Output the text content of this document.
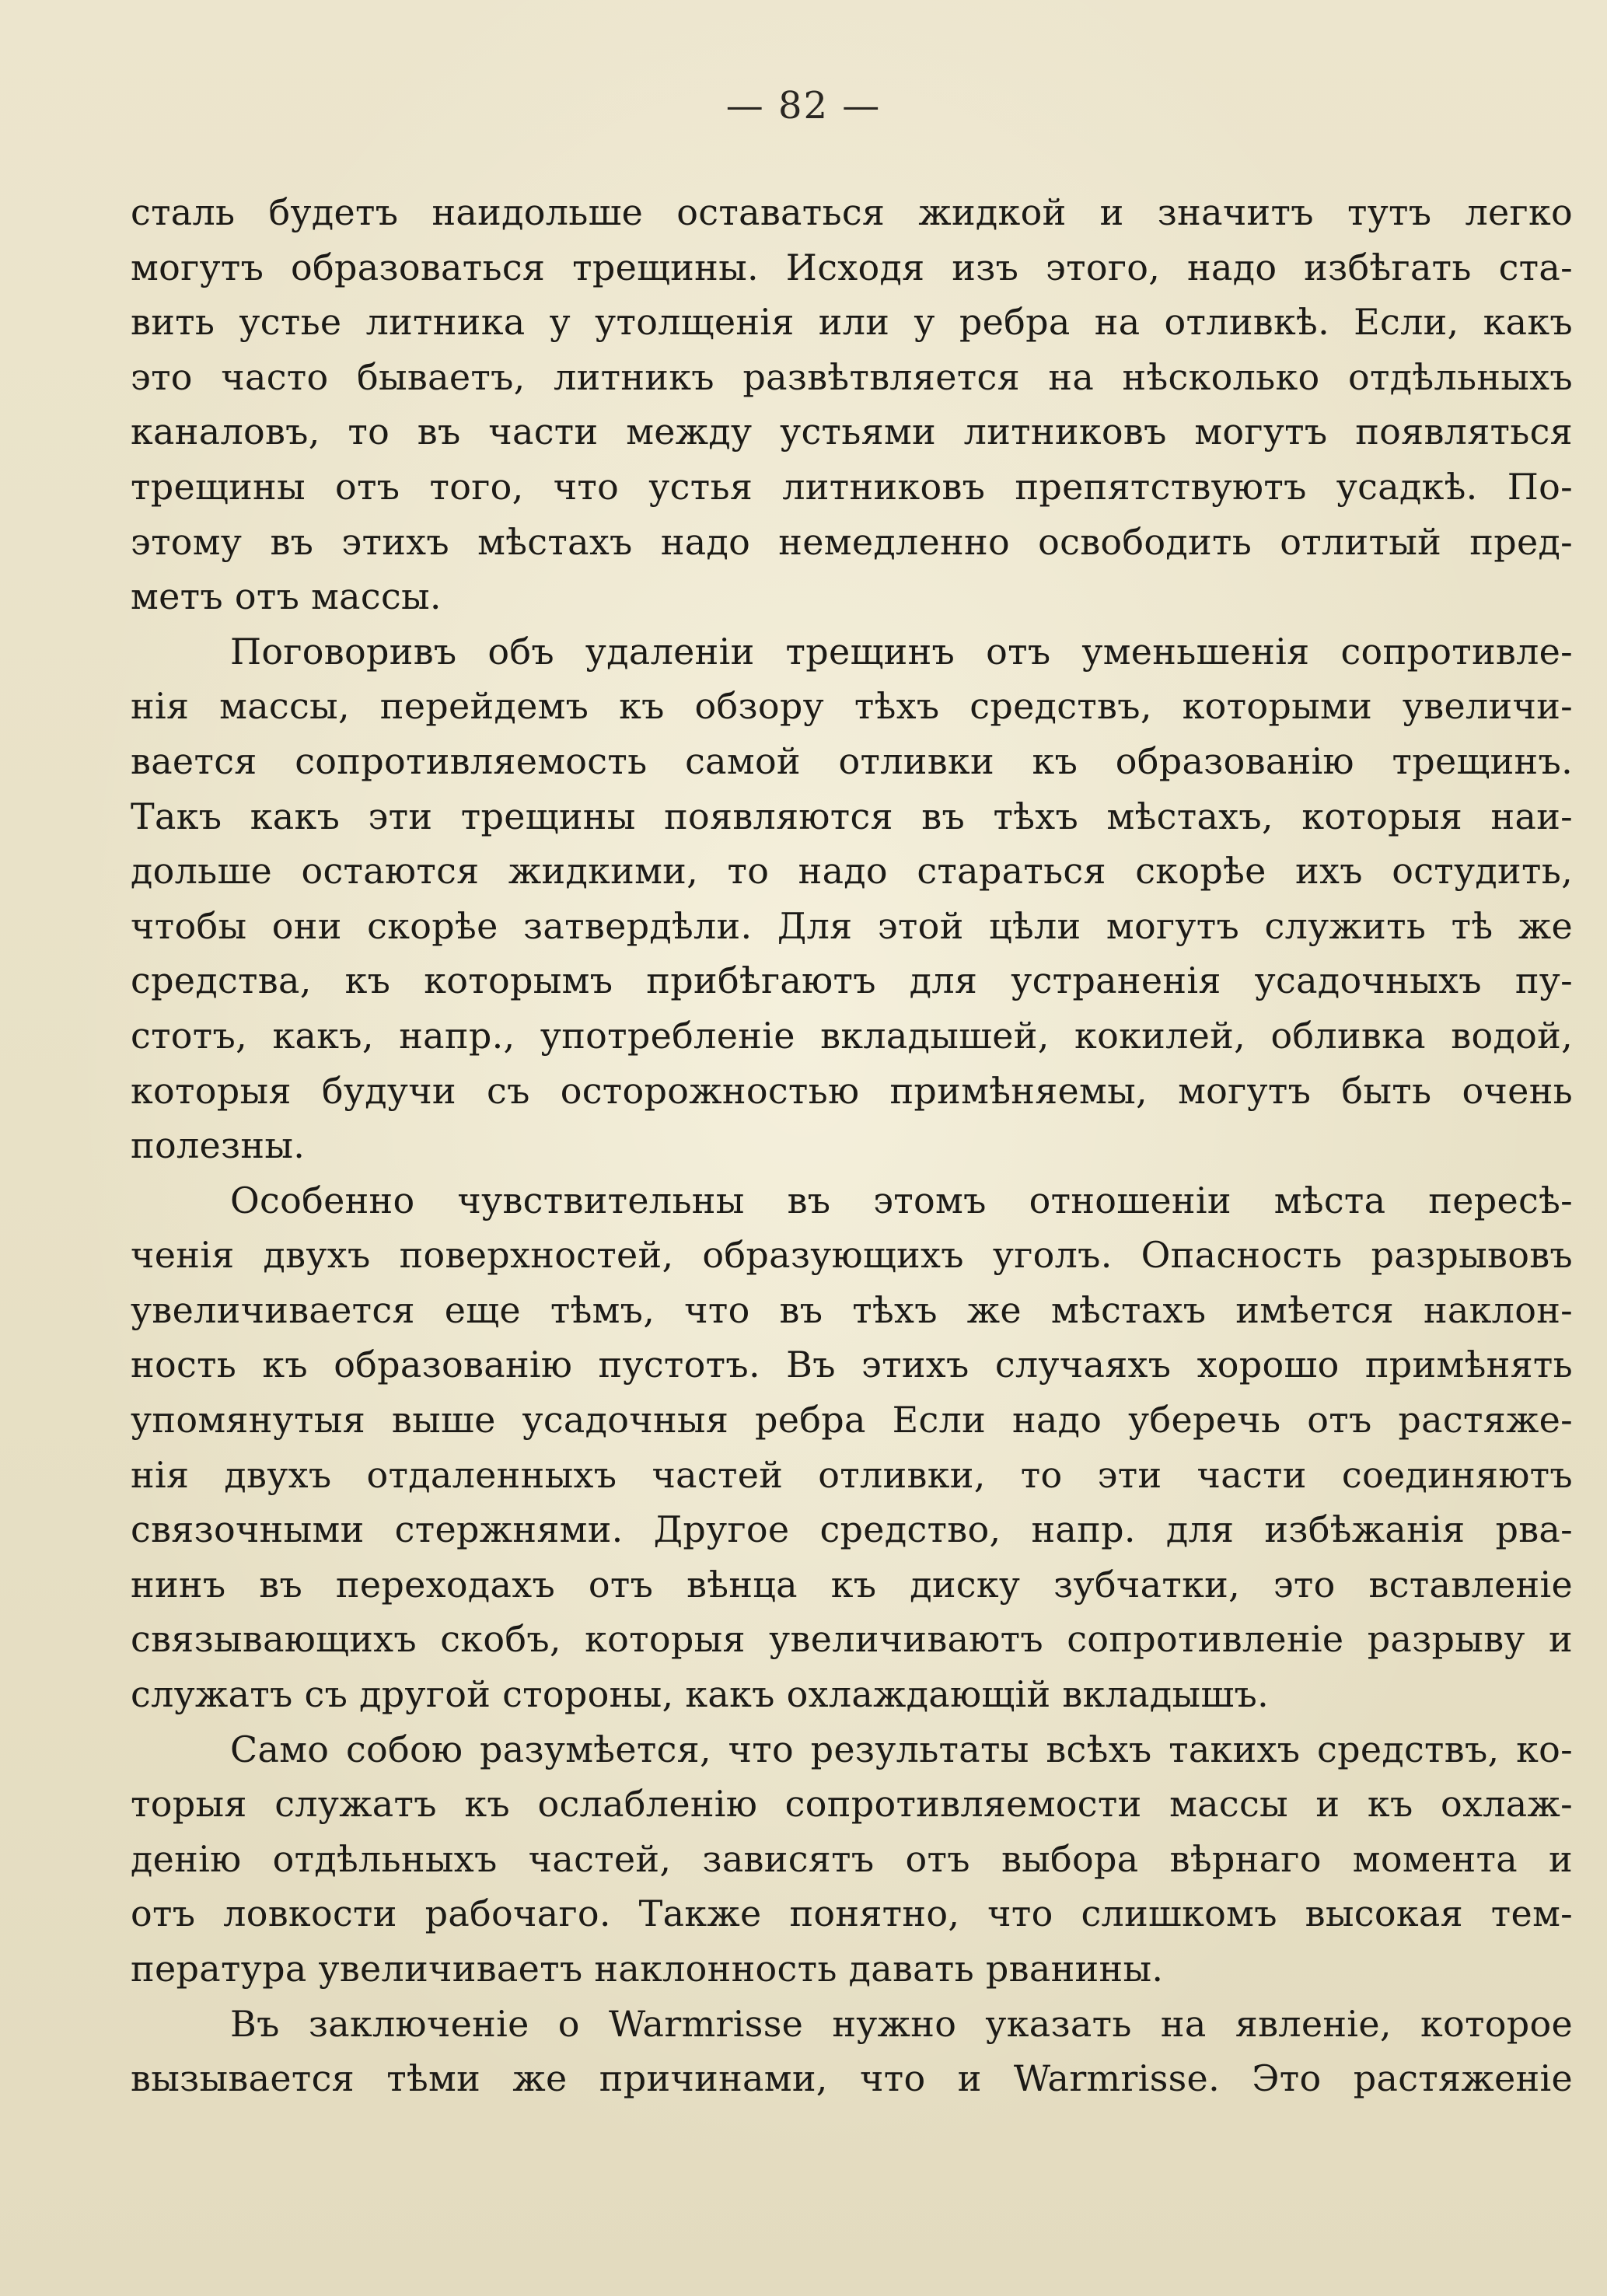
— 82 —
сталь будетъ наидольше оставаться жидкой и значитъ тутъ легко
могутъ образоваться трещины. Исходя изъ этого, надо избѣгать ста-
вить устье литника у утолщенія или у ребра на отливкѣ. Если, какъ
это часто бываетъ, литникъ развѣтвляется на нѣсколько отдѣльныхъ
каналовъ, то въ части между устьями литниковъ могутъ появляться
трещины отъ того, что устья литниковъ препятствуютъ усадкѣ. По-
этому въ этихъ мѣстахъ надо немедленно освободить отлитый пред-
метъ отъ массы.
Поговоривъ объ удаленіи трещинъ отъ уменьшенія сопротивле-
нія массы, перейдемъ къ обзору тѣхъ средствъ, которыми увеличи-
вается сопротивляемость самой отливки къ образованію трещинъ.
Такъ какъ эти трещины появляются въ тѣхъ мѣстахъ, которыя наи-
дольше остаются жидкими, то надо стараться скорѣе ихъ остудить,
чтобы они скорѣе затвердѣли. Для этой цѣли могутъ служить тѣ же
средства, къ которымъ прибѣгаютъ для устраненія усадочныхъ пу-
стотъ, какъ, напр., употребленіе вкладышей, кокилей, обливка водой,
которыя будучи съ осторожностью примѣняемы, могутъ быть очень
полезны.
Особенно чувствительны въ этомъ отношеніи мѣста пересѣ-
ченія двухъ поверхностей, образующихъ уголъ. Опасность разрывовъ
увеличивается еще тѣмъ, что въ тѣхъ же мѣстахъ имѣется наклон-
ность къ образованію пустотъ. Въ этихъ случаяхъ хорошо примѣнять
упомянутыя выше усадочныя ребра Если надо уберечь отъ растяже-
нія двухъ отдаленныхъ частей отливки, то эти части соединяютъ
связочными стержнями. Другое средство, напр. для избѣжанія рва-
нинъ въ переходахъ отъ вѣнца къ диску зубчатки, это вставленіе
связывающихъ скобъ, которыя увеличиваютъ сопротивленіе разрыву и
служатъ съ другой стороны, какъ охлаждающій вкладышъ.
Само собою разумѣется, что результаты всѣхъ такихъ средствъ, ко-
торыя служатъ къ ослабленію сопротивляемости массы и къ охлаж-
денію отдѣльныхъ частей, зависятъ отъ выбора вѣрнаго момента и
отъ ловкости рабочаго. Также понятно, что слишкомъ высокая тем-
пература увеличиваетъ наклонность давать рванины.
Въ заключеніе о Warmrisse нужно указать на явленіе, которое
вызывается тѣми же причинами, что и Warmrisse. Это растяженіе
